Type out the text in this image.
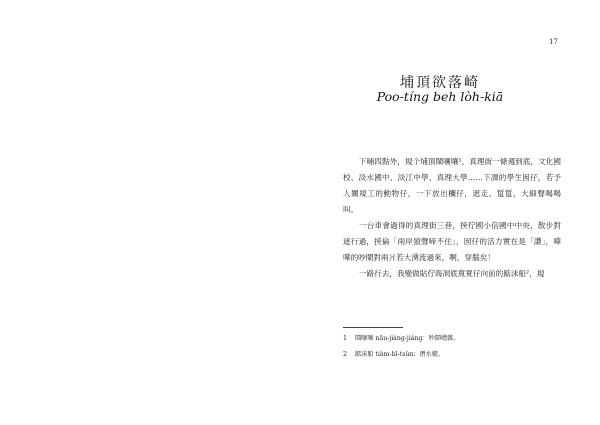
17
埔頂欲落崎
Poo-tíng beh lòh-kiā

下晡四點外，規个埔頂鬧嚷嚷¹，真理街一條週到底，文化國校、淡水國中、淡江中學、真理大學……下課的學生囡仔，若予人關規工的動物仔，一下放出欄仔，遮走、踅踅，大細聲喝喝叫。

一台車會過得的真理街三巷，挾佇國小倍國中中央，散步對遮行過，挾倫「兩岸猿聲啼不住」，囡仔的活力實在是「讚」，嘩嘩的吵鬧對兩爿若大湧流過來，啊，穿腦矣！

一路行去，我變做貼佇海洞底寬寬仔向前的踮沫船²，規

1 鬧嚷嚷 nāu-jiáng-jiáng：吵鬧嘈雜。

2 踮沫船 tiàm-bī-tsûn：潛水艇。
